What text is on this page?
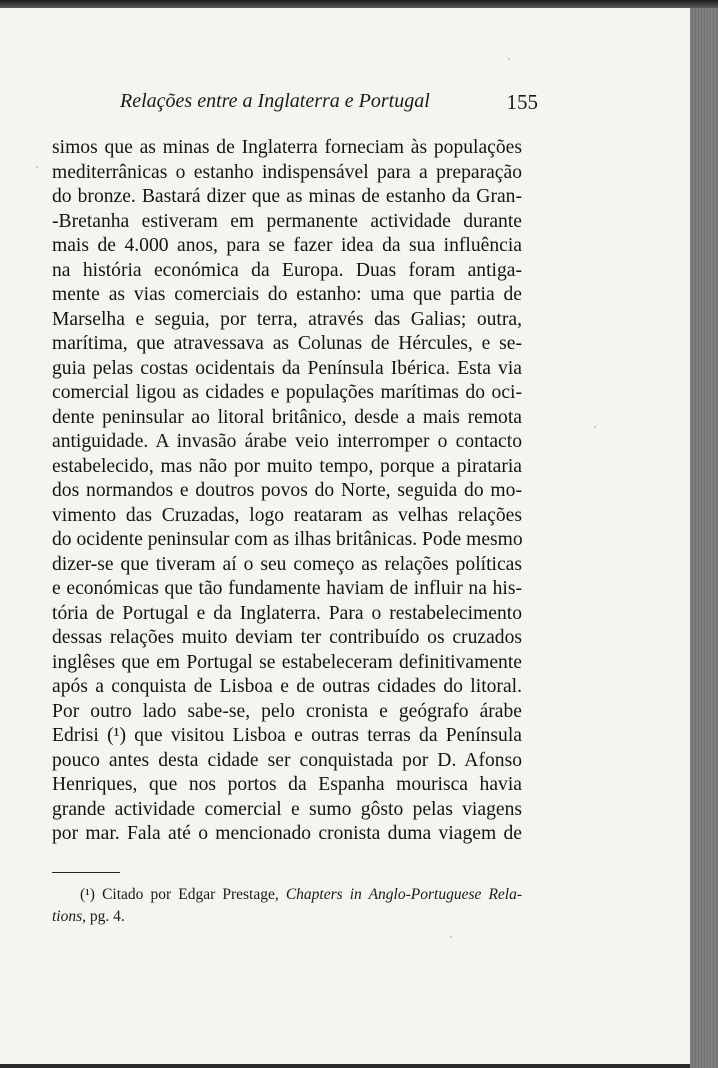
Relações entre a Inglaterra e Portugal	155
simos que as minas de Inglaterra forneciam às populações
mediterrânicas o estanho indispensável para a preparação
do bronze. Bastará dizer que as minas de estanho da Gran-
-Bretanha estiveram em permanente actividade durante
mais de 4.000 anos, para se fazer idea da sua influência
na história económica da Europa. Duas foram antiga-
mente as vias comerciais do estanho: uma que partia de
Marselha e seguia, por terra, através das Galias; outra,
marítima, que atravessava as Colunas de Hércules, e se-
guia pelas costas ocidentais da Península Ibérica. Esta via
comercial ligou as cidades e populações marítimas do oci-
dente peninsular ao litoral britânico, desde a mais remota
antiguidade. A invasão árabe veio interromper o contacto
estabelecido, mas não por muito tempo, porque a pirataria
dos normandos e doutros povos do Norte, seguida do mo-
vimento das Cruzadas, logo reataram as velhas relações
do ocidente peninsular com as ilhas britânicas. Pode mesmo
dizer-se que tiveram aí o seu começo as relações políticas
e económicas que tão fundamente haviam de influir na his-
tória de Portugal e da Inglaterra. Para o restabelecimento
dessas relações muito deviam ter contribuído os cruzados
inglêses que em Portugal se estabeleceram definitivamente
após a conquista de Lisboa e de outras cidades do litoral.
Por outro lado sabe-se, pelo cronista e geógrafo árabe
Edrisi (¹) que visitou Lisboa e outras terras da Península
pouco antes desta cidade ser conquistada por D. Afonso
Henriques, que nos portos da Espanha mourisca havia
grande actividade comercial e sumo gôsto pelas viagens
por mar. Fala até o mencionado cronista duma viagem de
(¹) Citado por Edgar Prestage, Chapters in Anglo-Portuguese Rela-
tions, pg. 4.
